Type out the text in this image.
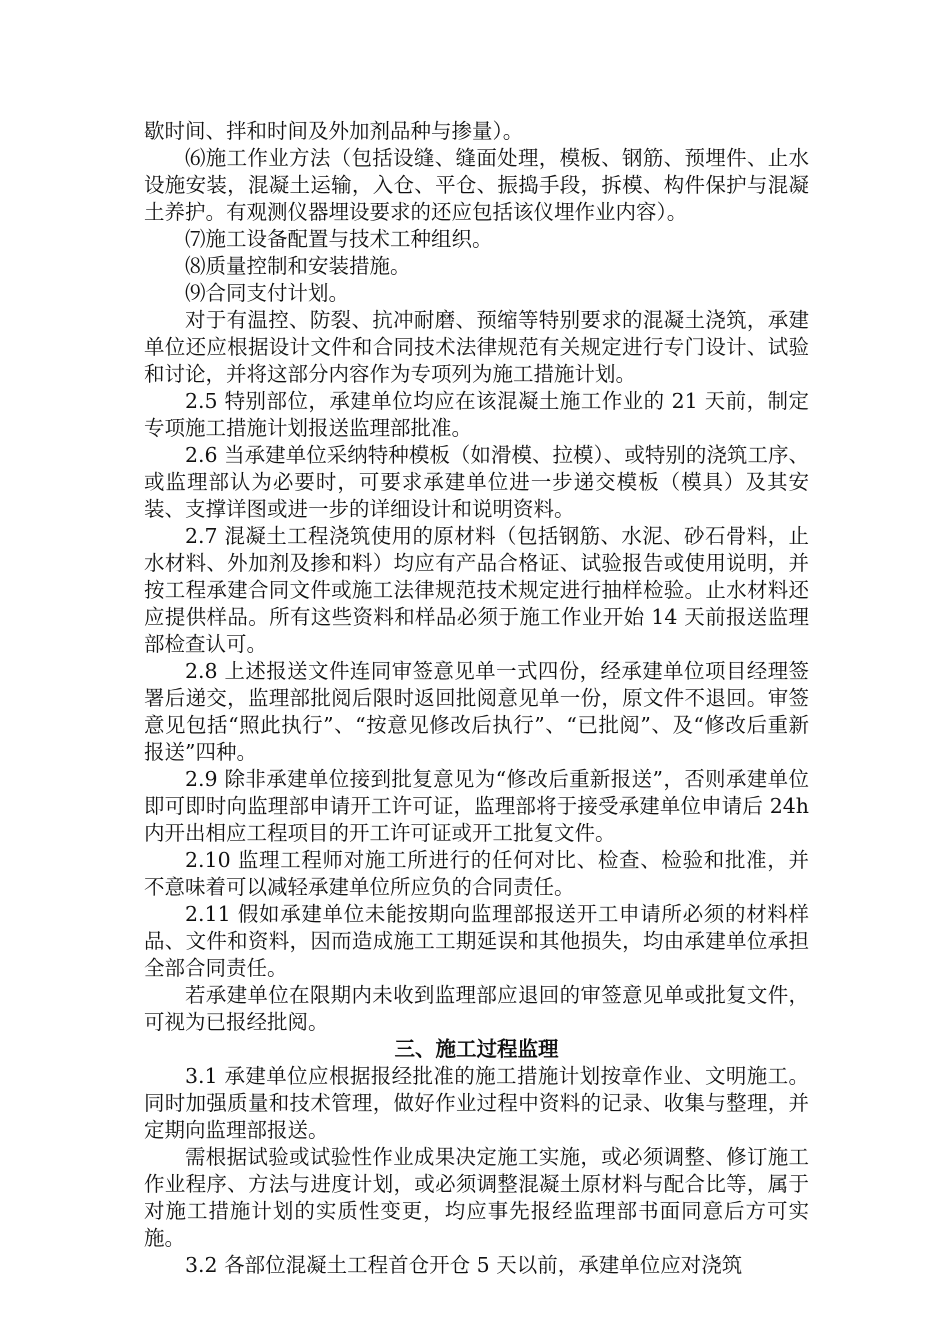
歇时间、拌和时间及外加剂品种与掺量）。

⑹施工作业方法（包括设缝、缝面处理，模板、钢筋、预埋件、止水设施安装，混凝土运输，入仓、平仓、振捣手段，拆模、构件保护与混凝土养护。有观测仪器埋设要求的还应包括该仪埋作业内容）。

⑺施工设备配置与技术工种组织。

⑻质量控制和安装措施。

⑼合同支付计划。

对于有温控、防裂、抗冲耐磨、预缩等特别要求的混凝土浇筑，承建单位还应根据设计文件和合同技术法律规范有关规定进行专门设计、试验和讨论，并将这部分内容作为专项列为施工措施计划。

2.5 特别部位，承建单位均应在该混凝土施工作业的 21 天前，制定专项施工措施计划报送监理部批准。

2.6 当承建单位采纳特种模板（如滑模、拉模）、或特别的浇筑工序、或监理部认为必要时，可要求承建单位进一步递交模板（模具）及其安装、支撑详图或进一步的详细设计和说明资料。

2.7 混凝土工程浇筑使用的原材料（包括钢筋、水泥、砂石骨料，止水材料、外加剂及掺和料）均应有产品合格证、试验报告或使用说明，并按工程承建合同文件或施工法律规范技术规定进行抽样检验。止水材料还应提供样品。所有这些资料和样品必须于施工作业开始 14 天前报送监理部检查认可。

2.8 上述报送文件连同审签意见单一式四份，经承建单位项目经理签署后递交，监理部批阅后限时返回批阅意见单一份，原文件不退回。审签意见包括“照此执行”、“按意见修改后执行”、“已批阅”、及“修改后重新报送”四种。

2.9 除非承建单位接到批复意见为“修改后重新报送”，否则承建单位即可即时向监理部申请开工许可证，监理部将于接受承建单位申请后 24h 内开出相应工程项目的开工许可证或开工批复文件。

2.10 监理工程师对施工所进行的任何对比、检查、检验和批准，并不意味着可以减轻承建单位所应负的合同责任。

2.11 假如承建单位未能按期向监理部报送开工申请所必须的材料样品、文件和资料，因而造成施工工期延误和其他损失，均由承建单位承担全部合同责任。

若承建单位在限期内未收到监理部应退回的审签意见单或批复文件，可视为已报经批阅。

三、施工过程监理

3.1 承建单位应根据报经批准的施工措施计划按章作业、文明施工。同时加强质量和技术管理，做好作业过程中资料的记录、收集与整理，并定期向监理部报送。

需根据试验或试验性作业成果决定施工实施，或必须调整、修订施工作业程序、方法与进度计划，或必须调整混凝土原材料与配合比等，属于对施工措施计划的实质性变更，均应事先报经监理部书面同意后方可实施。

3.2 各部位混凝土工程首仓开仓 5 天以前，承建单位应对浇筑
